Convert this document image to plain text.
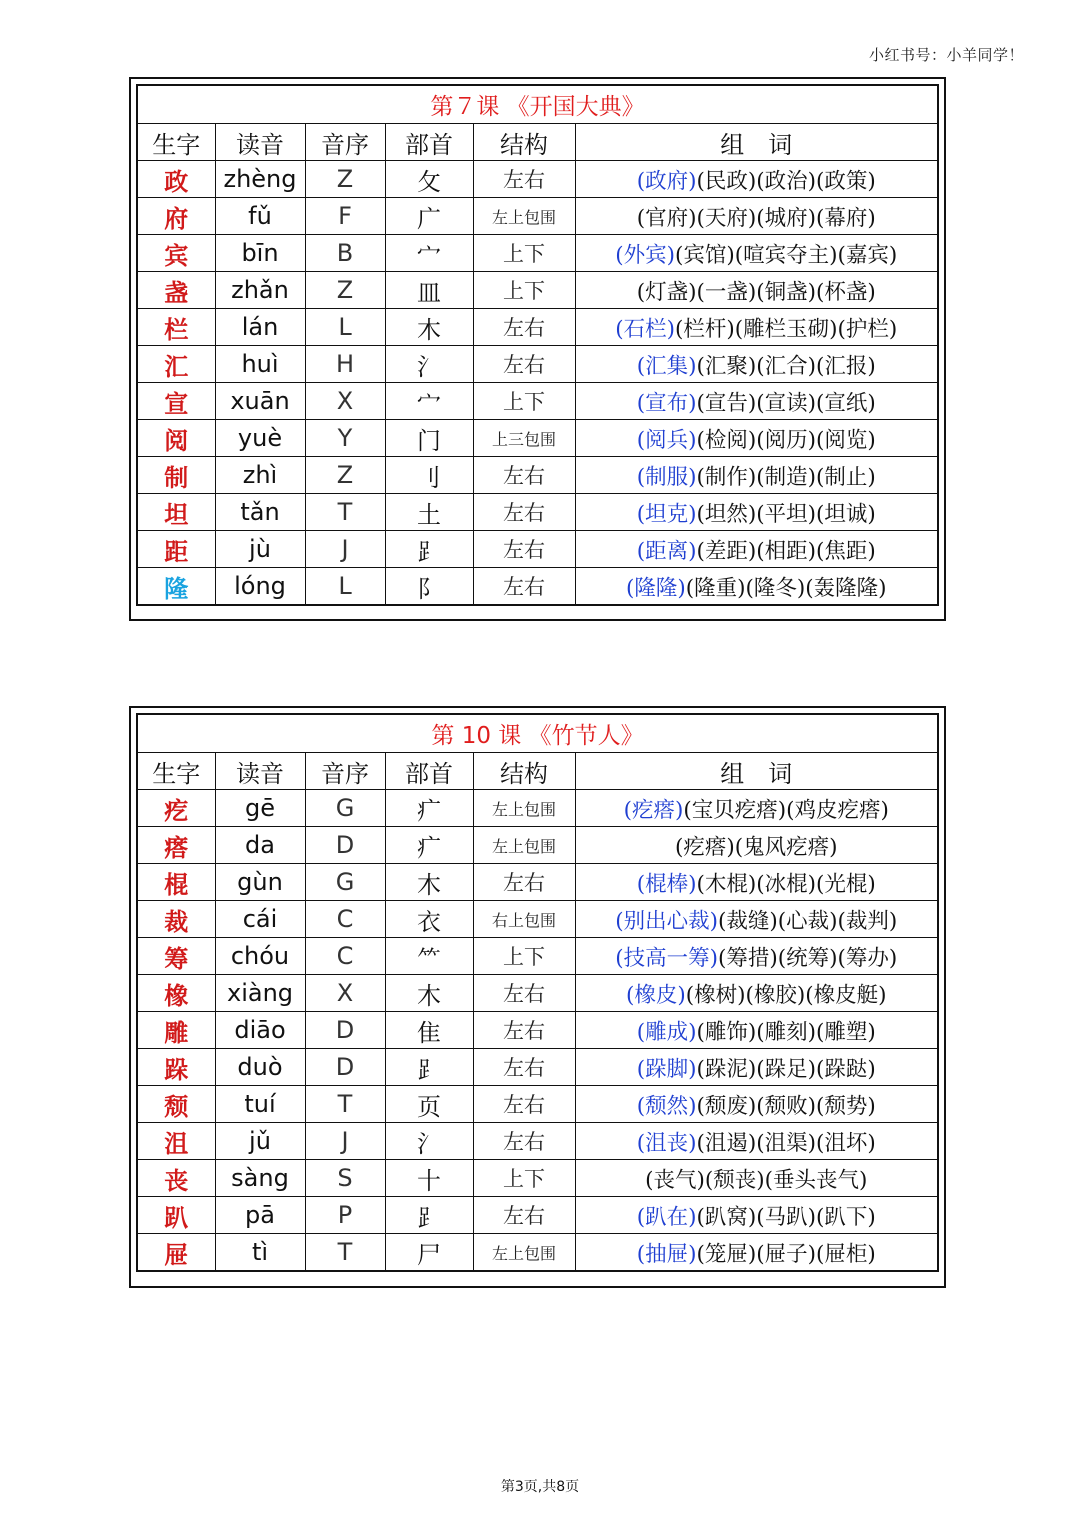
小红书号：小羊同学！
第７课 《开国大典》					
生字	读音	音序	部首	结构	组　词
政	zhèng	Z	攵	左右	(政府)(民政)(政治)(政策)
府	fǔ	F	广	左上包围	(官府)(天府)(城府)(幕府)
宾	bīn	B	宀	上下	(外宾)(宾馆)(喧宾夺主)(嘉宾)
盏	zhǎn	Z	皿	上下	(灯盏)(一盏)(铜盏)(杯盏)
栏	lán	L	木	左右	(石栏)(栏杆)(雕栏玉砌)(护栏)
汇	huì	H	氵	左右	(汇集)(汇聚)(汇合)(汇报)
宣	xuān	X	宀	上下	(宣布)(宣告)(宣读)(宣纸)
阅	yuè	Y	门	上三包围	(阅兵)(检阅)(阅历)(阅览)
制	zhì	Z	刂	左右	(制服)(制作)(制造)(制止)
坦	tǎn	T	土	左右	(坦克)(坦然)(平坦)(坦诚)
距	jù	J	⻊	左右	(距离)(差距)(相距)(焦距)
隆	lóng	L	阝	左右	(隆隆)(隆重)(隆冬)(轰隆隆)
第 10 课 《竹节人》					
生字	读音	音序	部首	结构	组　词
疙	gē	G	疒	左上包围	(疙瘩)(宝贝疙瘩)(鸡皮疙瘩)
瘩	da	D	疒	左上包围	(疙瘩)(鬼风疙瘩)
棍	gùn	G	木	左右	(棍棒)(木棍)(冰棍)(光棍)
裁	cái	C	衣	右上包围	(别出心裁)(裁缝)(心裁)(裁判)
筹	chóu	C	⺮	上下	(技高一筹)(筹措)(统筹)(筹办)
橡	xiàng	X	木	左右	(橡皮)(橡树)(橡胶)(橡皮艇)
雕	diāo	D	隹	左右	(雕成)(雕饰)(雕刻)(雕塑)
跺	duò	D	⻊	左右	(跺脚)(跺泥)(跺足)(跺跶)
颓	tuí	T	页	左右	(颓然)(颓废)(颓败)(颓势)
沮	jǔ	J	氵	左右	(沮丧)(沮遏)(沮渠)(沮坏)
丧	sàng	S	十	上下	(丧气)(颓丧)(垂头丧气)
趴	pā	P	⻊	左右	(趴在)(趴窝)(马趴)(趴下)
屉	tì	T	尸	左上包围	(抽屉)(笼屉)(屉子)(屉柜)
第3页,共8页
